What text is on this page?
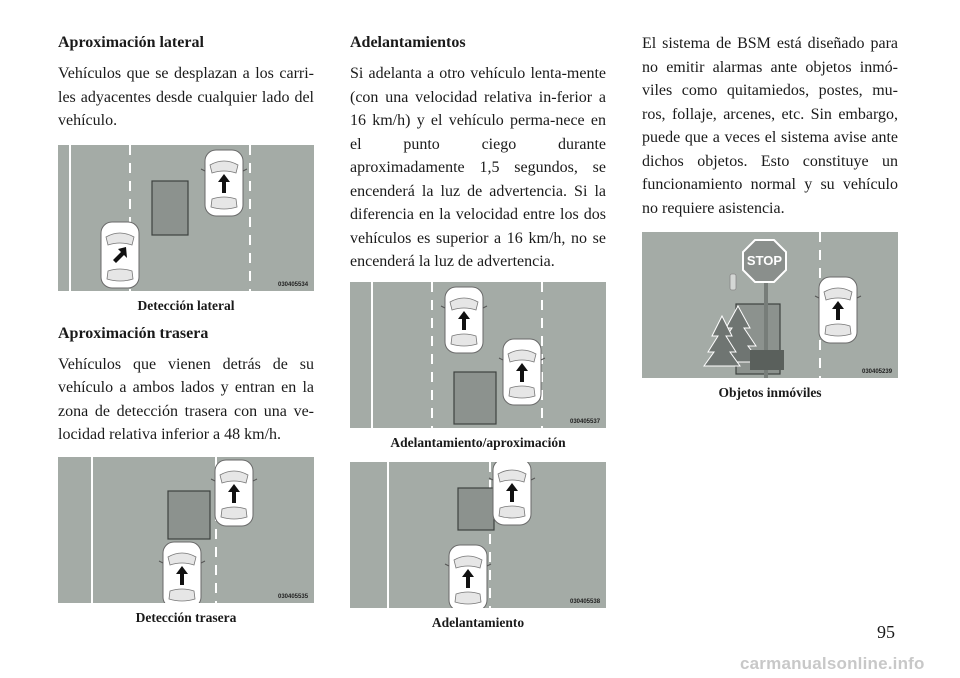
Aproximación lateral

Vehículos que se desplazan a los carri-les adyacentes desde cualquier lado del vehículo.

030405534
Detección lateral
Aproximación trasera

Vehículos que vienen detrás de su vehículo a ambos lados y entran en la zona de detección trasera con una ve-locidad relativa inferior a 48 km/h.

030405535
Detección trasera
Adelantamientos

Si adelanta a otro vehículo lenta-mente (con una velocidad relativa in-ferior a 16 km/h) y el vehículo perma-nece en el punto ciego durante aproximadamente 1,5 segundos, se encenderá la luz de advertencia. Si la diferencia en la velocidad entre los dos vehículos es superior a 16 km/h, no se encenderá la luz de advertencia.

030405537
Adelantamiento/aproximación
030405538
Adelantamiento

El sistema de BSM está diseñado para no emitir alarmas ante objetos inmó-viles como quitamiedos, postes, mu-ros, follaje, arcenes, etc. Sin embargo, puede que a veces el sistema avise ante dichos objetos. Esto constituye un funcionamiento normal y su vehículo no requiere asistencia.

STOP
030405239
Objetos inmóviles
95
carmanualsonline.info
